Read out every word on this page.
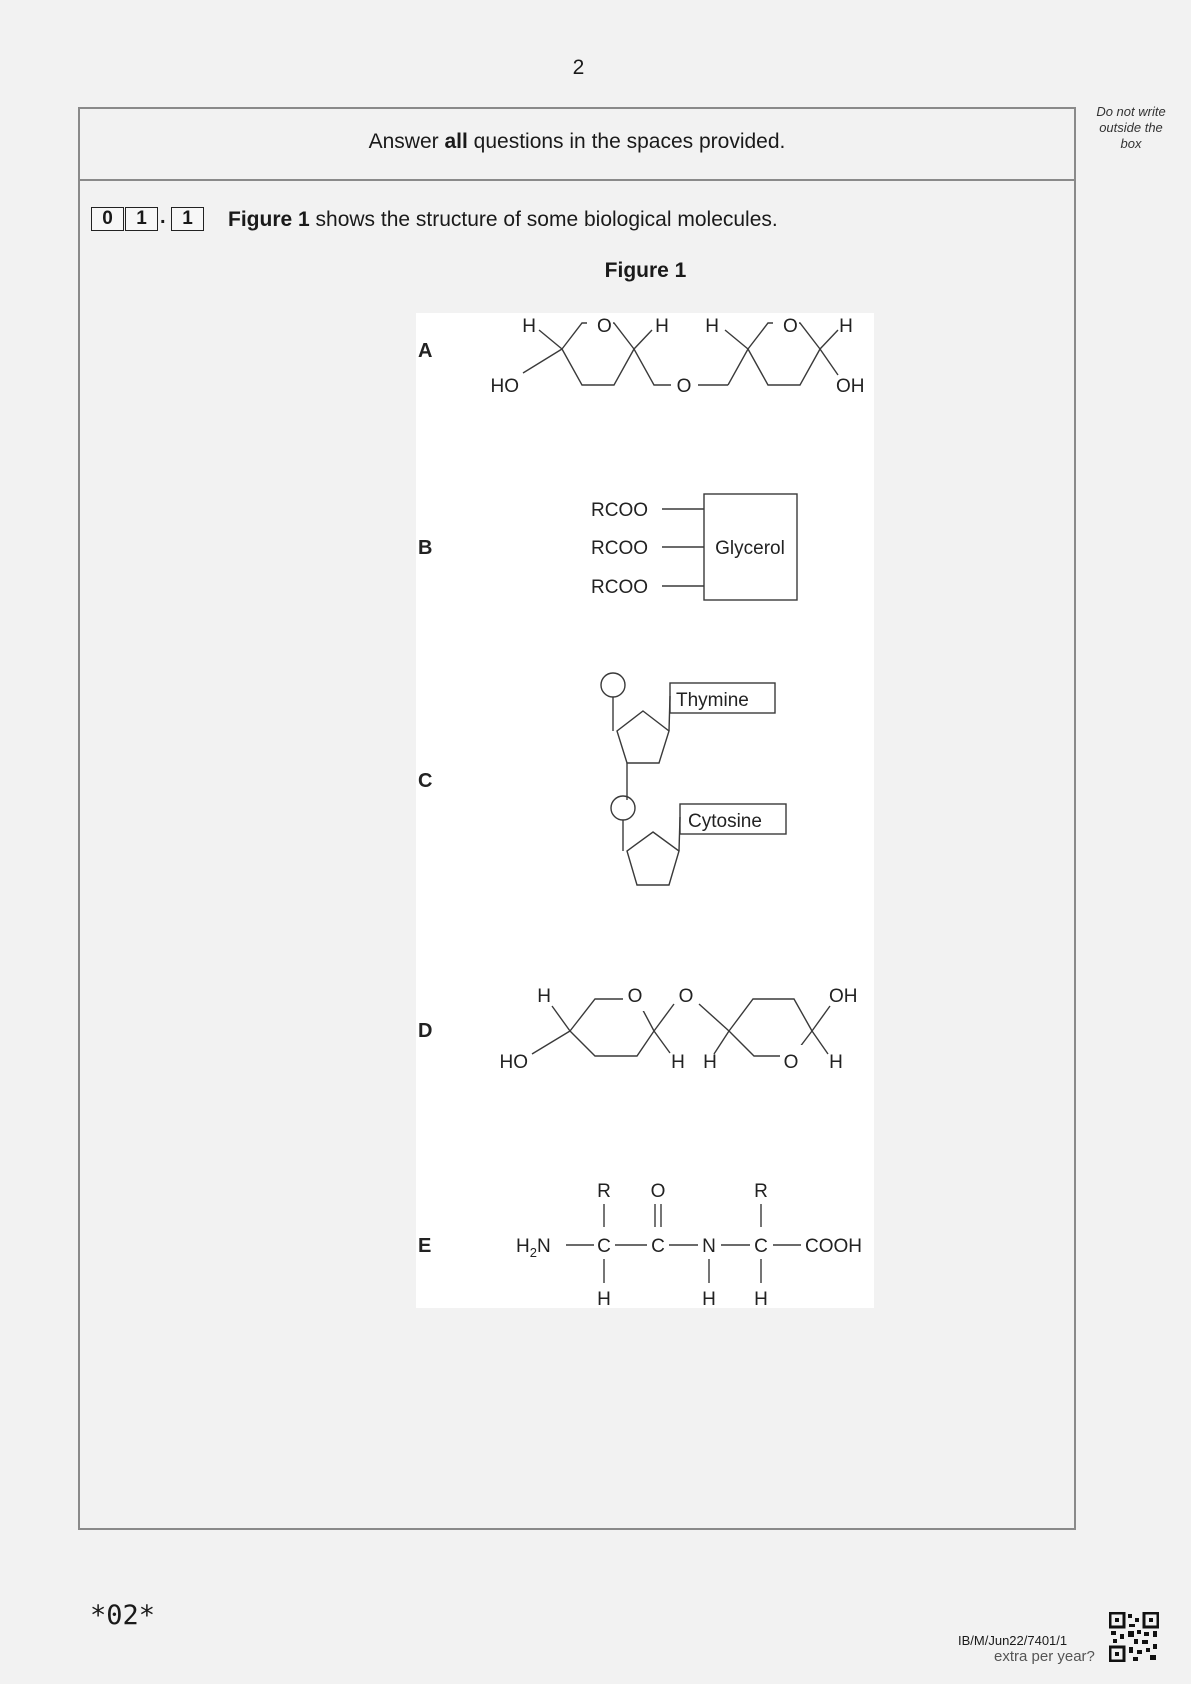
2
Do not write outside the box
Answer all questions in the spaces provided.
0	1 . 1	Figure 1 shows the structure of some biological molecules.
Figure 1
A
H	O H H	O H
HO	O	OH
B	Glycerol
RCOO
RCOO
RCOO
C
Thymine
Cytosine
D
H	O O	OH
HO	H H	O H
E
R O	R
$H_2N$ C C N C COOH
H	H H
*02*
IB/M/Jun22/7401/1
extra per year?
